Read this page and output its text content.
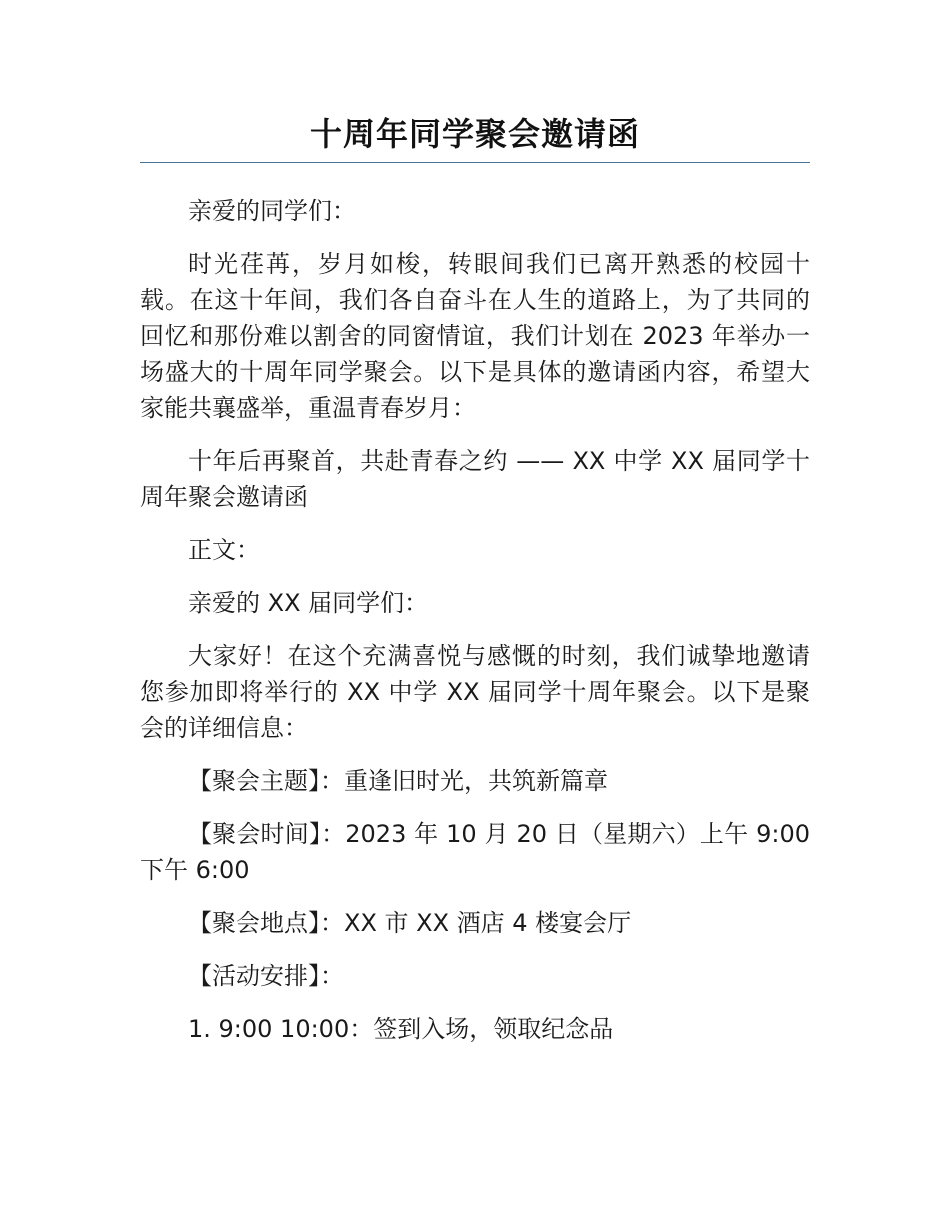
十周年同学聚会邀请函

亲爱的同学们：

时光荏苒，岁月如梭，转眼间我们已离开熟悉的校园十载。在这十年间，我们各自奋斗在人生的道路上，为了共同的回忆和那份难以割舍的同窗情谊，我们计划在 2023 年举办一场盛大的十周年同学聚会。以下是具体的邀请函内容，希望大家能共襄盛举，重温青春岁月：

十年后再聚首，共赴青春之约 —— XX 中学 XX 届同学十周年聚会邀请函

正文：

亲爱的 XX 届同学们：

大家好！在这个充满喜悦与感慨的时刻，我们诚挚地邀请您参加即将举行的 XX 中学 XX 届同学十周年聚会。以下是聚会的详细信息：

【聚会主题】：重逢旧时光，共筑新篇章

【聚会时间】：2023 年 10 月 20 日（星期六）上午 9:00 下午 6:00

【聚会地点】：XX 市 XX 酒店 4 楼宴会厅

【活动安排】：

1. 9:00 10:00：签到入场，领取纪念品
